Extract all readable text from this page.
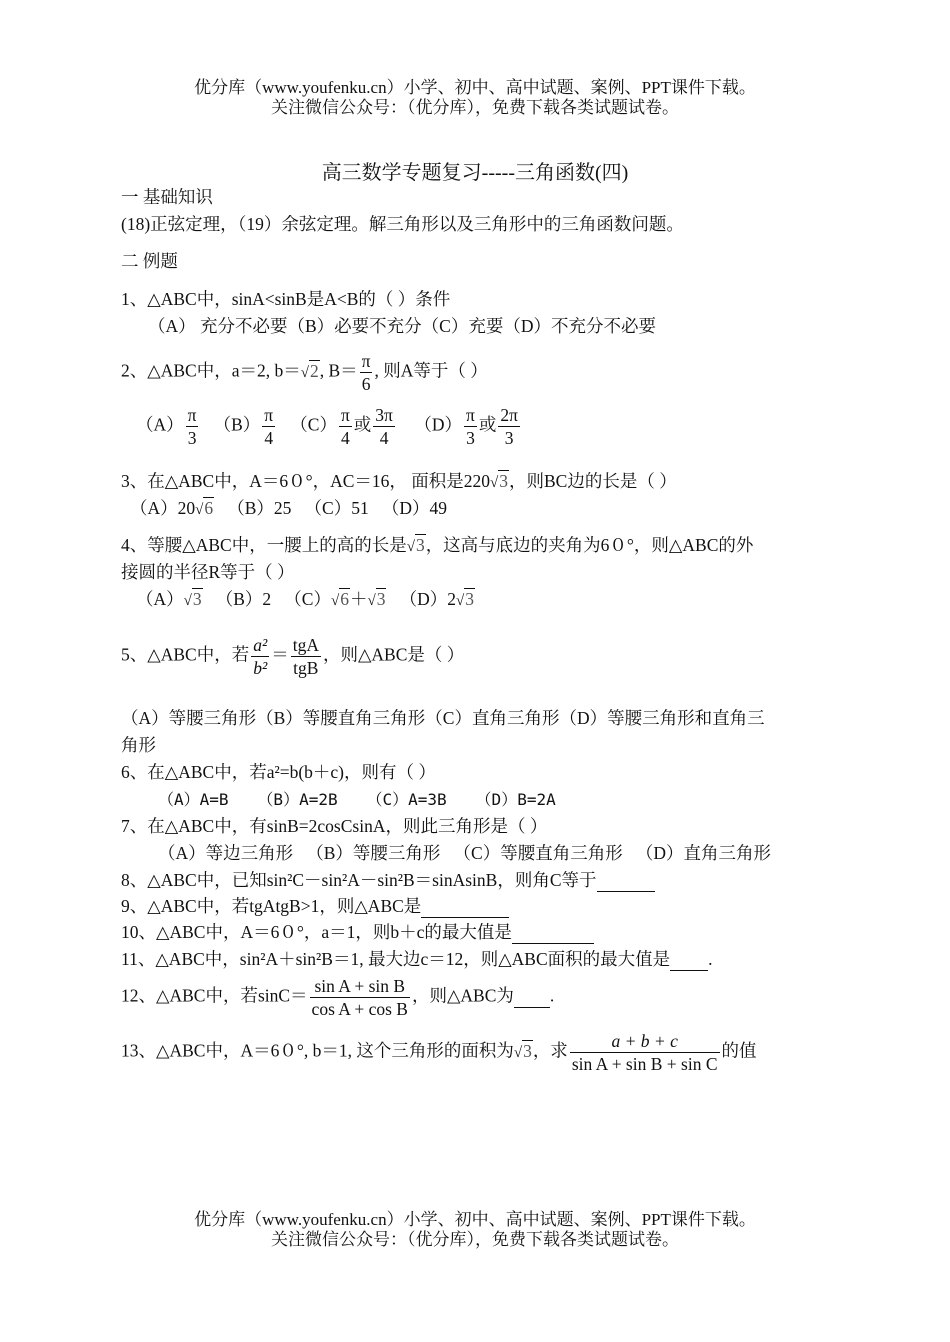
优分库（www.youfenku.cn）小学、初中、高中试题、案例、PPT课件下载。
关注微信公众号：（优分库），免费下载各类试题试卷。
高三数学专题复习-----三角函数(四)
一 基础知识
(18)正弦定理，（19）余弦定理。解三角形以及三角形中的三角函数问题。
二 例题
1、△ABC中，sinA<sinB是A<B的（ ）条件
（A） 充分不必要（B）必要不充分（C）充要（D）不充分不必要
2、△ABC中，a＝2, b＝√2, $B= \frac{\pi}{6}$ , 则A等于（ ）
$(A) \frac{\pi}{3} (B) \frac{\pi}{4} (C) \frac{\pi}{4}$ 或 $\frac{3\pi}{4} (D) \frac{\pi}{3}$ 或 $\frac{2\pi}{3}$
3、在△ABC中，A＝6０°，AC＝16， 面积是220√3，则BC边的长是（ ）
（A）20√6   （B）25   （C）51   （D）49
4、等腰△ABC中，一腰上的高的长是√3，这高与底边的夹角为6０°，则△ABC的外
接圆的半径R等于（ ）
（A）√3   （B）2   （C）√6＋√3   （D）2√3
5、△ABC中，若 $\frac{\text{a²}}{\text{b²}} = \frac{\text{tgA}}{\text{tgB}}$ ，则△ABC是（ ）
（A）等腰三角形（B）等腰直角三角形（C）直角三角形（D）等腰三角形和直角三
角形
6、在△ABC中，若a²=b(b＋c)，则有（ ）
（A）A=B   （B）A=2B   （C）A=3B   （D）B=2A
7、在△ABC中，有sinB=2cosCsinA，则此三角形是（ ）
（A）等边三角形   （B）等腰三角形   （C）等腰直角三角形   （D）直角三角形
8、△ABC中，已知sin²C－sin²A－sin²B＝sinAsinB，则角C等于
9、△ABC中，若tgAtgB>1，则△ABC是
10、△ABC中，A＝6０°，a＝1，则b＋c的最大值是
11、△ABC中，sin²A＋sin²B＝1, 最大边c＝12，则△ABC面积的最大值是 .
12、△ABC中，若$\sin C= \frac{\text{sin A + sin B}}{\text{cos A + cos B}}$ ，则△ABC为 .
13、△ABC中，A＝6０°, b＝1, 这个三角形的面积为√3，求 $\frac{a + b + c}{\text{sin A + sin B + sin C}}$ 的值
优分库（www.youfenku.cn）小学、初中、高中试题、案例、PPT课件下载。
关注微信公众号：（优分库），免费下载各类试题试卷。
